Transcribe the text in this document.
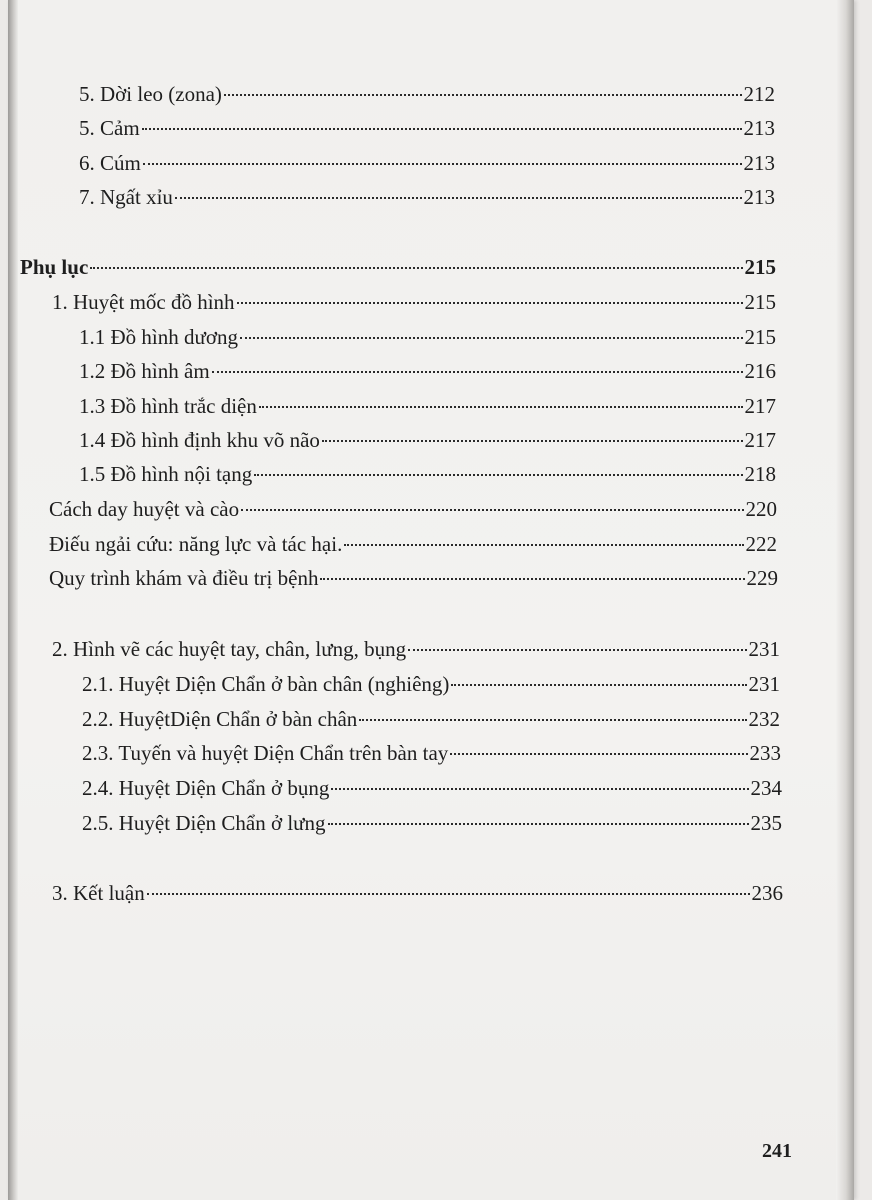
5. Dời leo (zona)	212
5. Cảm	213
6. Cúm	213
7. Ngất xỉu	213
Phụ lục	215
1. Huyệt mốc đồ hình	215
1.1 Đồ hình dương	215
1.2 Đồ hình âm	216
1.3 Đồ hình trắc diện	217
1.4 Đồ hình định khu võ não	217
1.5 Đồ hình nội tạng	218
Cách day huyệt và cào	220
Điếu ngải cứu: năng lực và tác hại.	222
Quy trình khám và điều trị bệnh	229
2. Hình vẽ các huyệt tay, chân, lưng, bụng	231
2.1. Huyệt Diện Chẩn ở bàn chân (nghiêng)	231
2.2. HuyệtDiện Chẩn ở bàn chân	232
2.3. Tuyến và huyệt Diện Chẩn trên bàn tay	233
2.4. Huyệt Diện Chẩn ở bụng	234
2.5. Huyệt Diện Chẩn ở lưng	235
3. Kết luận	236
241
